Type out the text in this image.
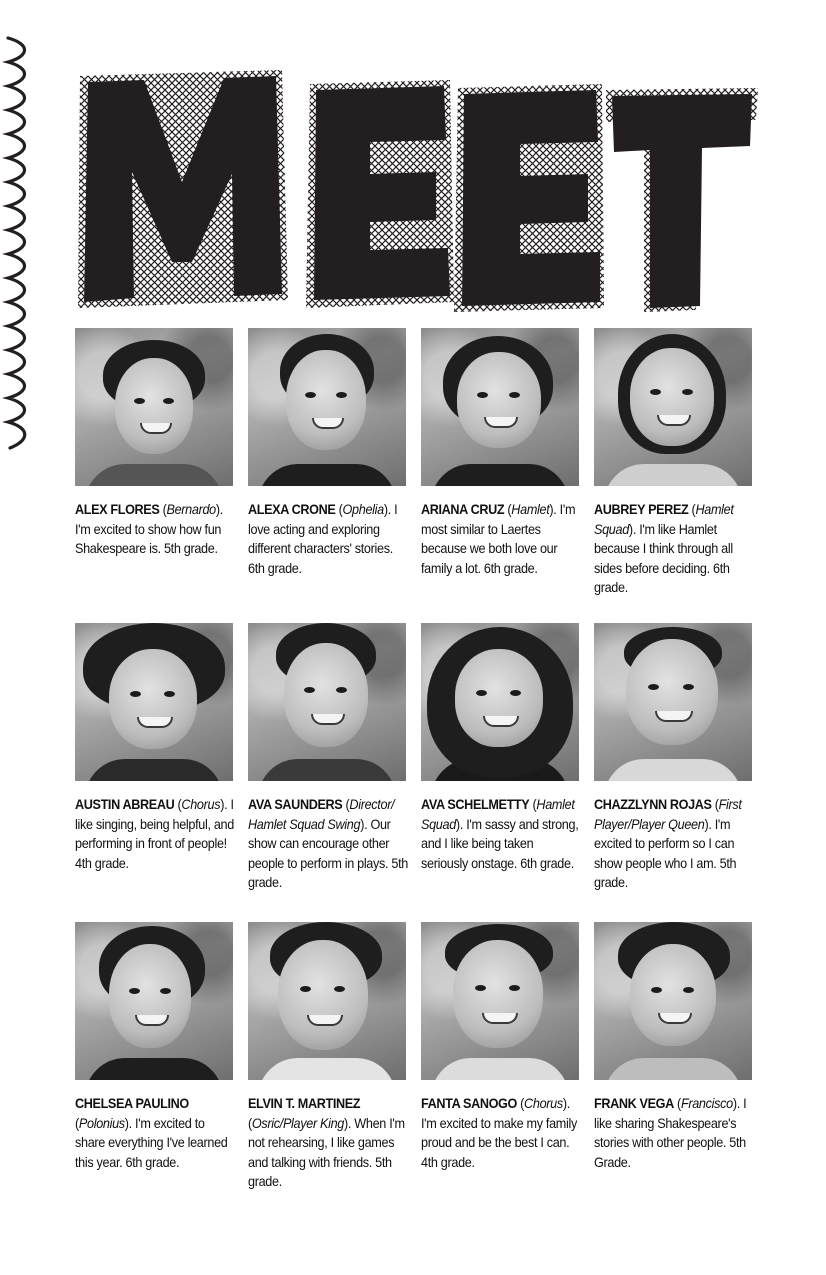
MEET
ALEX FLORES (Bernardo). I'm excited to show how fun Shakespeare is. 5th grade.
ALEXA CRONE (Ophelia). I love acting and exploring different characters' stories. 6th grade.
ARIANA CRUZ (Hamlet). I'm most similar to Laertes because we both love our family a lot. 6th grade.
AUBREY PEREZ (Hamlet Squad). I'm like Hamlet because I think through all sides before deciding. 6th grade.
AUSTIN ABREAU (Chorus). I like singing, being helpful, and performing in front of people! 4th grade.
AVA SAUNDERS (Director/ Hamlet Squad Swing). Our show can encourage other people to perform in plays. 5th grade.
AVA SCHELMETTY (Hamlet Squad). I'm sassy and strong, and I like being taken seriously onstage. 6th grade.
CHAZZLYNN ROJAS (First Player/Player Queen). I'm excited to perform so I can show people who I am. 5th grade.
CHELSEA PAULINO (Polonius). I'm excited to share everything I've learned this year. 6th grade.
ELVIN T. MARTINEZ (Osric/Player King). When I'm not rehearsing, I like games and talking with friends. 5th grade.
FANTA SANOGO (Chorus). I'm excited to make my family proud and be the best I can. 4th grade.
FRANK VEGA (Francisco). I like sharing Shakespeare's stories with other people. 5th Grade.
